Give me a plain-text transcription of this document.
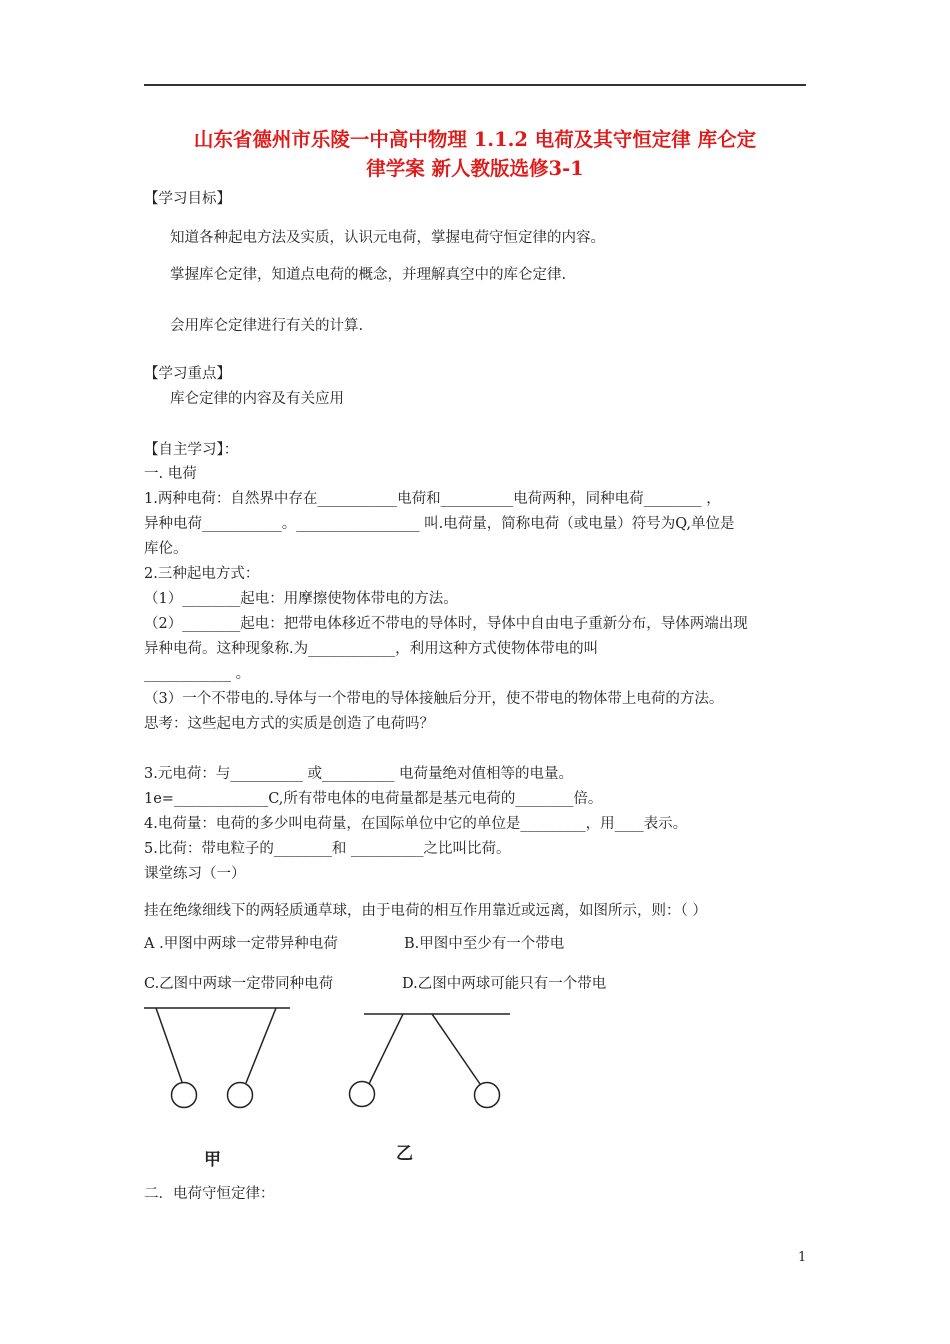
山东省德州市乐陵一中高中物理 1.1.2 电荷及其守恒定律 库仑定
律学案 新人教版选修3-1
【学习目标】
知道各种起电方法及实质，认识元电荷，掌握电荷守恒定律的内容。
掌握库仑定律，知道点电荷的概念，并理解真空中的库仑定律.
会用库仑定律进行有关的计算.
【学习重点】
库仑定律的内容及有关应用
【自主学习】：
一. 电荷
1.两种电荷：自然界中存在___________电荷和__________电荷两种，同种电荷________ ，
异种电荷___________。_________________ 叫.电荷量，简称电荷（或电量）符号为Q,单位是
库伦。
2.三种起电方式：
（1）________起电：用摩擦使物体带电的方法。
（2）________起电：把带电体移近不带电的导体时，导体中自由电子重新分布，导体两端出现
异种电荷。这种现象称.为____________，利用这种方式使物体带电的叫
____________ 。
（3）一个不带电的.导体与一个带电的导体接触后分开，使不带电的物体带上电荷的方法。
思考：这些起电方式的实质是创造了电荷吗？
3.元电荷：与__________ 或__________ 电荷量绝对值相等的电量。
1e=_____________C,所有带电体的电荷量都是基元电荷的________倍。
4.电荷量：电荷的多少叫电荷量，在国际单位中它的单位是_________，用____表示。
5.比荷：带电粒子的________和 __________之比叫比荷。
课堂练习（一）
挂在绝缘细线下的两轻质通草球，由于电荷的相互作用靠近或远离，如图所示，则：（ ）
A .甲图中两球一定带异种电荷	B.甲图中至少有一个带电
C.乙图中两球一定带同种电荷	D.乙图中两球可能只有一个带电
甲	乙
二．电荷守恒定律：
1
